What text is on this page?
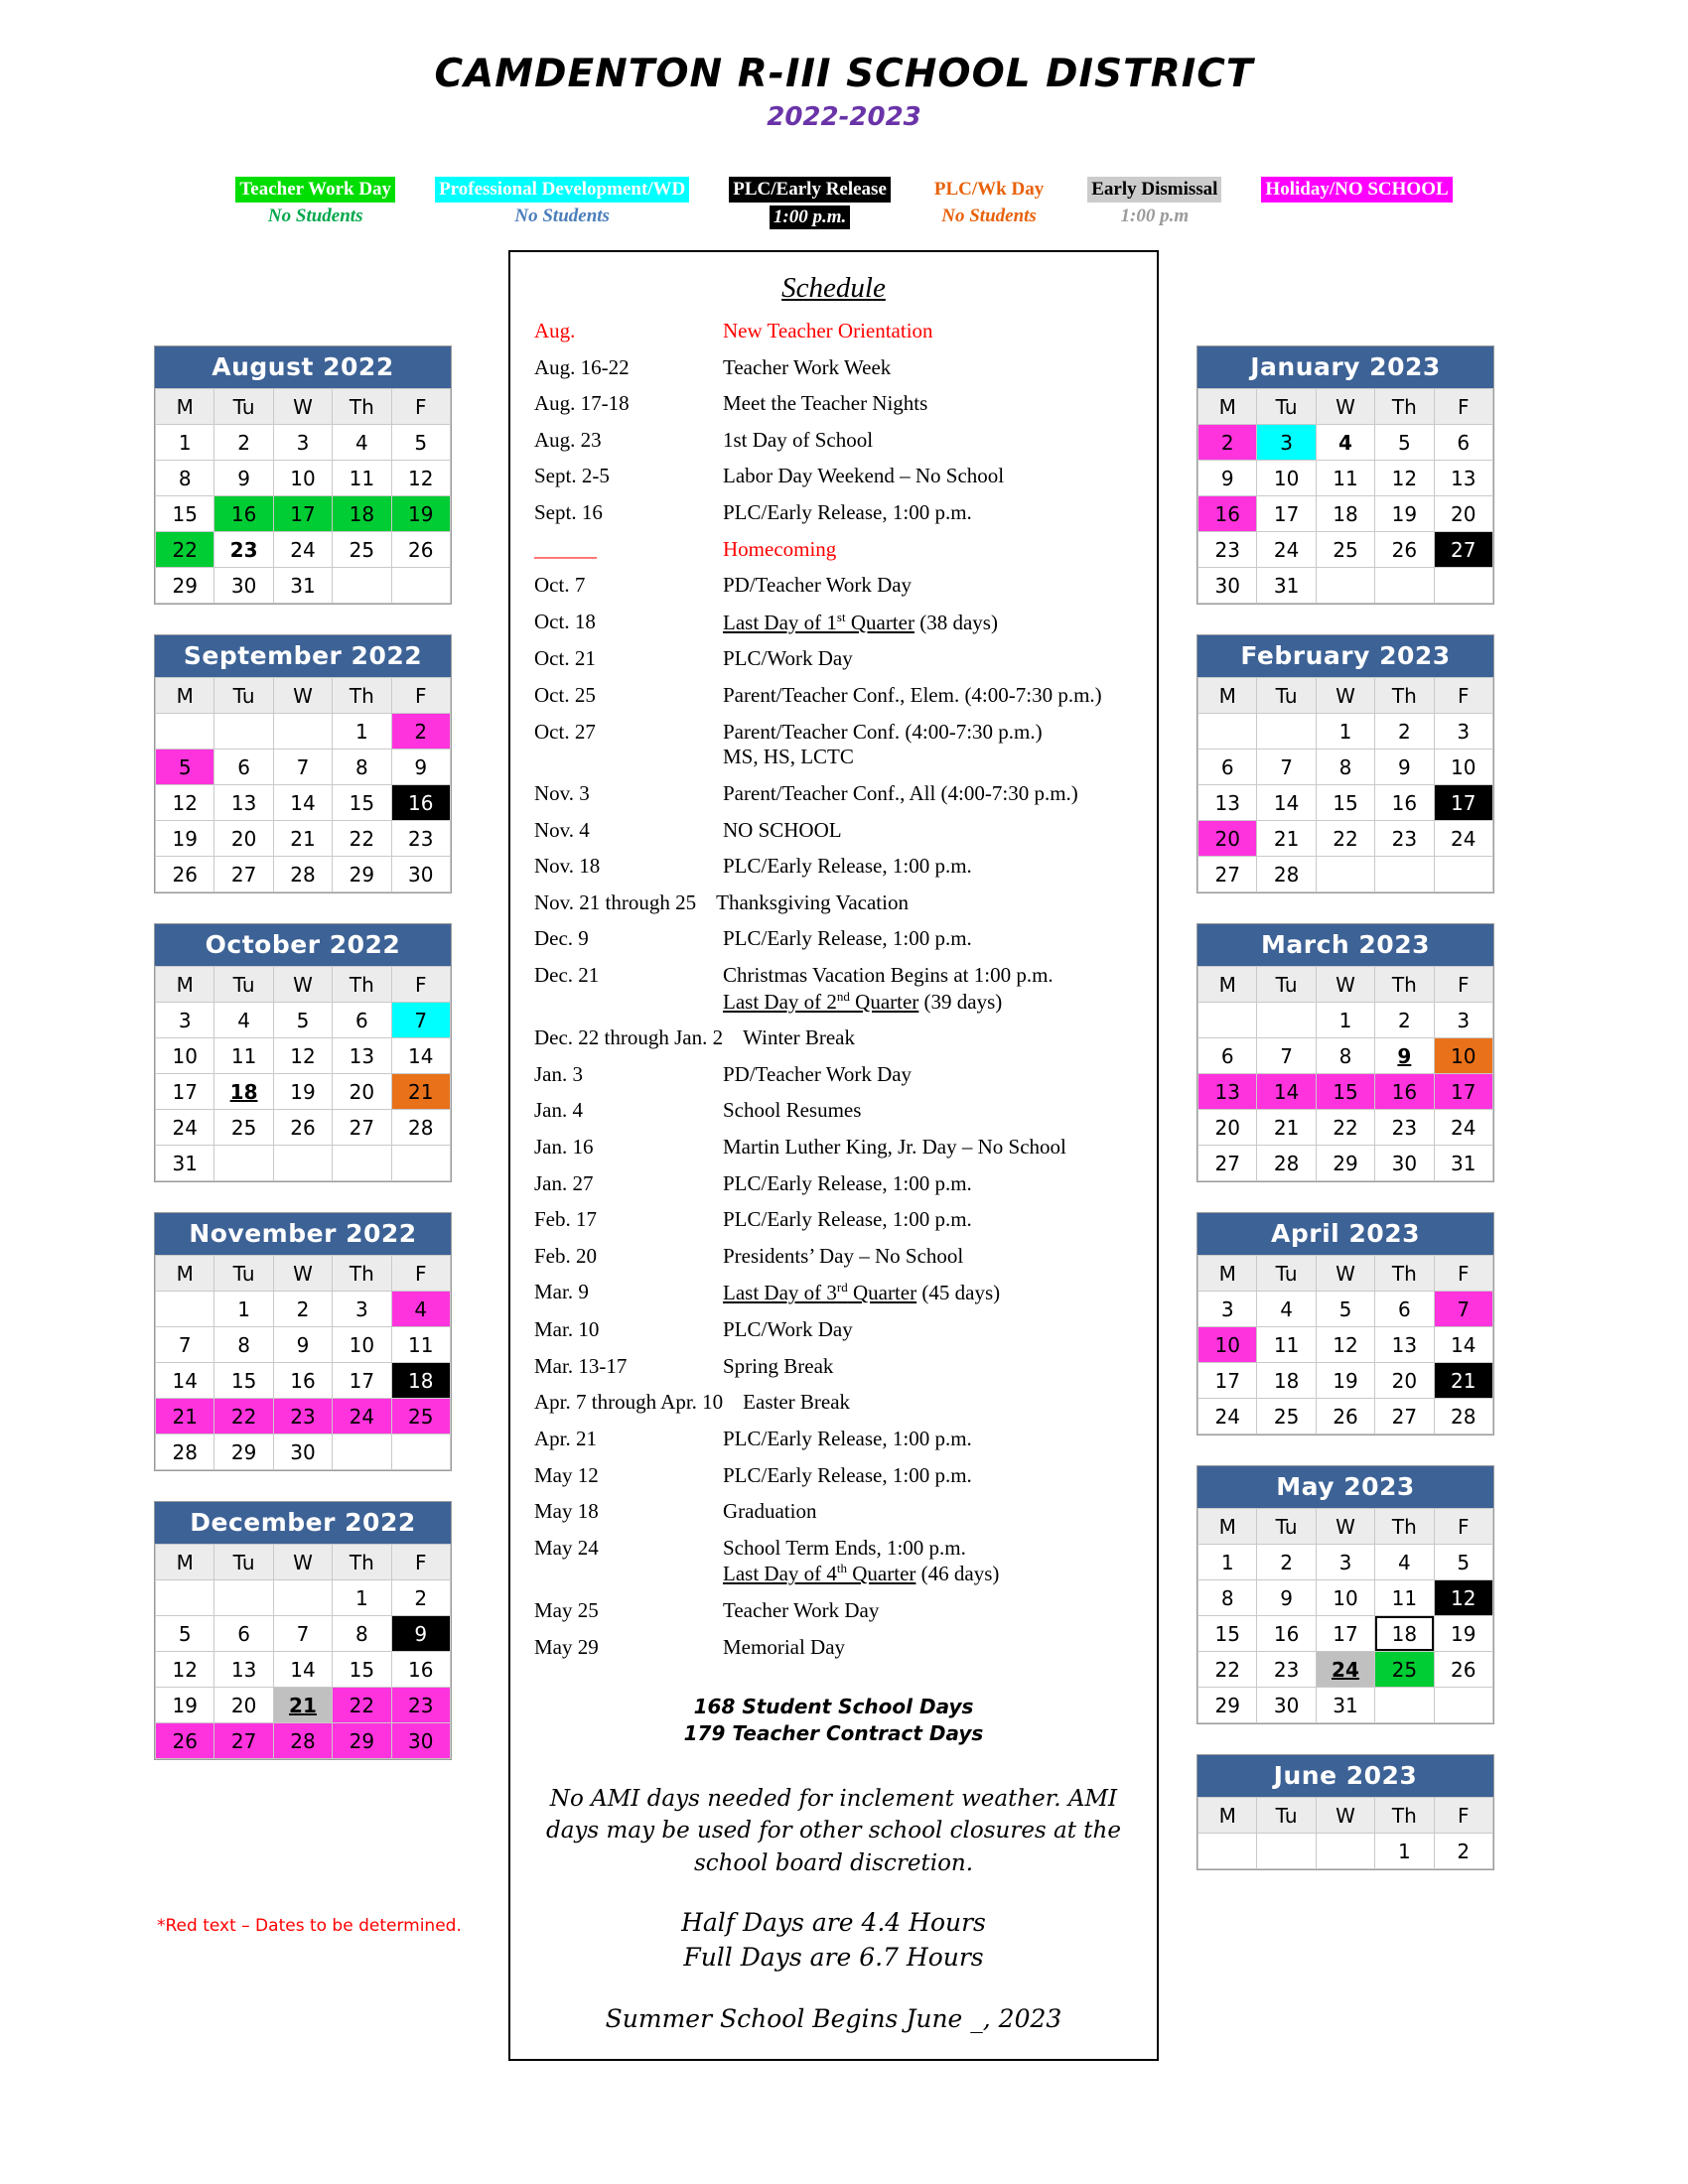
CAMDENTON R-III SCHOOL DISTRICT
2022-2023
Teacher Work Day
No Students
Professional Development/WD
No Students
PLC/Early Release
1:00 p.m.
PLC/Wk Day
No Students
Early Dismissal
1:00 p.m
Holiday/NO SCHOOL
August 2022
M	Tu	W	Th	F
1	2	3	4	5
8	9	10	11	12
15	16	17	18	19
22	23	24	25	26
29	30	31		
September 2022
M	Tu	W	Th	F
			1	2
5	6	7	8	9
12	13	14	15	16
19	20	21	22	23
26	27	28	29	30
October 2022
M	Tu	W	Th	F
3	4	5	6	7
10	11	12	13	14
17	18	19	20	21
24	25	26	27	28
31				
November 2022
M	Tu	W	Th	F
	1	2	3	4
7	8	9	10	11
14	15	16	17	18
21	22	23	24	25
28	29	30		
December 2022
M	Tu	W	Th	F
			1	2
5	6	7	8	9
12	13	14	15	16
19	20	21	22	23
26	27	28	29	30
January 2023
M	Tu	W	Th	F
2	3	4	5	6
9	10	11	12	13
16	17	18	19	20
23	24	25	26	27
30	31			
February 2023
M	Tu	W	Th	F
		1	2	3
6	7	8	9	10
13	14	15	16	17
20	21	22	23	24
27	28			
March 2023
M	Tu	W	Th	F
		1	2	3
6	7	8	9	10
13	14	15	16	17
20	21	22	23	24
27	28	29	30	31
April 2023
M	Tu	W	Th	F
3	4	5	6	7
10	11	12	13	14
17	18	19	20	21
24	25	26	27	28
May 2023
M	Tu	W	Th	F
1	2	3	4	5
8	9	10	11	12
15	16	17	18	19
22	23	24	25	26
29	30	31		
June 2023
M	Tu	W	Th	F
			1	2
Schedule
Aug.	New Teacher Orientation
Aug. 16-22	Teacher Work Week
Aug. 17-18	Meet the Teacher Nights
Aug. 23	1st Day of School
Sept. 2-5	Labor Day Weekend – No School
Sept. 16	PLC/Early Release, 1:00 p.m.
______	Homecoming
Oct. 7	PD/Teacher Work Day
Oct. 18	Last Day of 1st Quarter (38 days)
Oct. 21	PLC/Work Day
Oct. 25	Parent/Teacher Conf., Elem. (4:00-7:30 p.m.)
Oct. 27	Parent/Teacher Conf. (4:00-7:30 p.m.)
MS, HS, LCTC
Nov. 3	Parent/Teacher Conf., All (4:00-7:30 p.m.)
Nov. 4	NO SCHOOL
Nov. 18	PLC/Early Release, 1:00 p.m.
Nov. 21 through 25 Thanksgiving Vacation
Dec. 9	PLC/Early Release, 1:00 p.m.
Dec. 21	Christmas Vacation Begins at 1:00 p.m.
Last Day of 2nd Quarter (39 days)
Dec. 22 through Jan. 2 Winter Break
Jan. 3	PD/Teacher Work Day
Jan. 4	School Resumes
Jan. 16	Martin Luther King, Jr. Day – No School
Jan. 27	PLC/Early Release, 1:00 p.m.
Feb. 17	PLC/Early Release, 1:00 p.m.
Feb. 20	Presidents’ Day – No School
Mar. 9	Last Day of 3rd Quarter (45 days)
Mar. 10	PLC/Work Day
Mar. 13-17	Spring Break
Apr. 7 through Apr. 10 Easter Break
Apr. 21	PLC/Early Release, 1:00 p.m.
May 12	PLC/Early Release, 1:00 p.m.
May 18	Graduation
May 24	School Term Ends, 1:00 p.m.
Last Day of 4th Quarter (46 days)
May 25	Teacher Work Day
May 29	Memorial Day
168 Student School Days
179 Teacher Contract Days
No AMI days needed for inclement weather. AMI days may be used for other school closures at the school board discretion.
Half Days are 4.4 Hours
Full Days are 6.7 Hours
Summer School Begins June _, 2023
*Red text – Dates to be determined.
